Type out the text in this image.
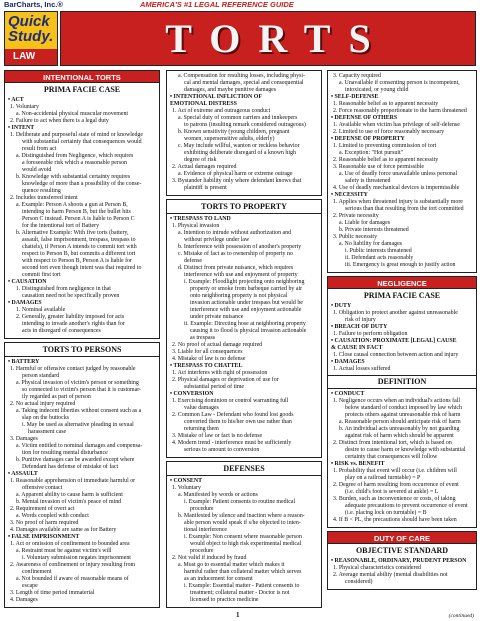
BarCharts, Inc.®	AMERICA'S #1 LEGAL REFERENCE GUIDE
Quick
Study.
LAW	TORTS
INTENTIONAL TORTS
PRIMA FACIE CASE
• ACT
1. Voluntary
a. Non-accidental physical muscular movement
2. Failure to act when there is a legal duty
• INTENT
1. Deliberate and purposeful state of mind or knowledge
with substantial certainty that consequences would
result from act
a. Distinguished from Negligence, which requires
a foreseeable risk which a reasonable person
would avoid
b. Knowledge with substantial certainty requires
knowledge of more than a possibility of the conse-
quence resulting
2. Includes transferred intent
a. Example: Person A shoots a gun at Person B,
intending to harm Person B, but the bullet hits
Person C instead. Person A is liable to Person C
for the intentional tort of Battery
b. Alternative Example: With five torts (battery,
assault, false imprisonment, trespass, trespass to
chattels), if Person A intends to commit tort with
respect to Person B, but commits a different tort
with respect to Person B, Person A is liable for
second tort even though intent was that required to
commit first tort
• CAUSATION
1. Distinguished from negligence in that
causation need not be specifically proven
• DAMAGES
1. Nominal available
2. Generally, greater liability imposed for acts
intending to invade another's rights than for
acts in disregard of consequences
TORTS TO PERSONS
• BATTERY
1. Harmful or offensive contact judged by reasonable
person standard
a. Physical invasion of victim's person or something
so connected to victim's person that it is customar-
ily regarded as part of person
2. No actual injury required
a. Taking indecent liberties without consent such as a
slap on the buttocks
i. May be used as alternative pleading in sexual
harassment case
3. Damages
a. Victim entitled to nominal damages and compensa-
tion for resulting mental disturbance
b. Punitive damages can be awarded except where
Defendant has defense of mistake of fact
• ASSAULT
1. Reasonable apprehension of immediate harmful or
offensive contact
a. Apparent ability to cause harm is sufficient
b. Mental invasion of victim's peace of mind
2. Requirement of overt act
a. Words coupled with conduct
3. No proof of harm required
4. Damages available are same as for Battery
• FALSE IMPRISONMENT
1. Act or omission of confinement to bounded area
a. Restraint must be against victim's will
i. Voluntary submission negates imprisonment
2. Awareness of confinement or injury resulting from
confinement
a. Not bounded if aware of reasonable means of
escape
3. Length of time period immaterial
4. Damages
a. Compensation for resulting losses, including physi-
cal and mental damages, special and consequential
damages, and maybe punitive damages
• INTENTIONAL INFLICTION OF
EMOTIONAL DISTRESS
1. Act of extreme and outrageous conduct
a. Special duty of common carriers and innkeepers
to patrons (insulting remark considered outrageous)
b. Known sensitivity (young children, pregnant
women, supersensitive adults, elderly)
c. May include willful, wanton or reckless behavior
exhibiting deliberate disregard of a known high
degree of risk
2. Actual damages required
a. Evidence of physical harm or extreme outrage
3. Bystander liability only where defendant knows that
plaintiff is present
TORTS TO PROPERTY
• TRESPASS TO LAND
1. Physical invasion
a. Intention to intrude without authorization and
without privilege under law
b. Interference with possession of another's property
c. Mistake of fact as to ownership of property no
defense
d. Distinct from private nuisance, which requires
interference with use and enjoyment of property
i. Example: Floodlight projecting onto neighboring
property or smoke from barbeque carried by air
onto neighboring property is not physical
invasion actionable under trespass but would be
interference with use and enjoyment actionable
under private nuisance
ii. Example: Directing hose at neighboring property
causing it to flood is physical invasion actionable
as trespass
2. No proof of actual damage required
3. Liable for all consequences
4. Mistake of law is no defense
• TRESPASS TO CHATTEL
1. Act interferes with right of possession
2. Physical damages or deprivation of use for
substantial period of time
• CONVERSION
1. Exercising dominion or control warranting full
value damages
2. Common Law - Defendant who found lost goods
converted them to his/her own use rather than
returning them
3. Mistake of law or fact is no defense
4. Modern trend - interference must be sufficiently
serious to amount to conversion
DEFENSES
• CONSENT
1. Voluntary
a. Manifested by words or actions
i. Example: Patient consents to routine medical
procedure
b. Manifested by silence and inaction where a reason-
able person would speak if s/he objected to inten-
tional interference
i. Example: Non consent where reasonable person
would object to high risk experimental medical
procedure
2. Not valid if induced by fraud
a. Must go to essential matter which makes it
harmful rather than collateral matter which serves
as an inducement for consent
i. Example: Essential matter - Patient consents to
treatment; collateral matter - Doctor is not
licensed to practice medicine
3. Capacity required
a. Unavailable if consenting person is incompetent,
intoxicated, or young child
• SELF-DEFENSE
1. Reasonable belief as to apparent necessity
2. Force reasonably proportionate to the harm threatened
• DEFENSE OF OTHERS
1. Available when victim has privilege of self-defense
2. Limited to use of force reasonably necessary
• DEFENSE OF PROPERTY
1. Limited to preventing commission of tort
a. Exception: "Hot pursuit"
2. Reasonable belief as to apparent necessity
3. Reasonable use of force permissible
a. Use of deadly force unavailable unless personal
safety is threatened
4. Use of deadly mechanical devices is impermissible
• NECESSITY
1. Applies when threatened injury is substantially more
serious than that resulting from the tort committed
2. Private necessity
a. Liable for damages
b. Private interests threatened
3. Public necessity
a. No liability for damages
i. Public interests threatened
ii. Defendant acts reasonably
iii. Emergency is great enough to justify action
NEGLIGENCE
PRIMA FACIE CASE
• DUTY
1. Obligation to protect another against unreasonable
risk of injury
• BREACH OF DUTY
1. Failure to perform obligation
• CAUSATION: PROXIMATE [LEGAL] CAUSE
& CAUSE IN FACT
1. Close causal connection between action and injury
• DAMAGES
1. Actual losses suffered
DEFINITION
• CONDUCT
1. Negligence occurs when an individual's actions fall
below standard of conduct imposed by law which
protects others against unreasonable risk of harm
a. Reasonable person should anticipate risk of harm
b. An individual acts unreasonably by not guarding
against risk of harm which should be apparent
2. Distinct from intentional tort, which is based on
desire to cause harm or knowledge with substantial
certainty that consequences will follow
• RISK vs. BENEFIT
1. Probability that event will occur (i.e. children will
play on a railroad turntable) = P
2. Degree of harm resulting from occurrence of event
(i.e. child's foot is severed at ankle) = L
3. Burden, such as inconvenience or costs, of taking
adequate precautions to prevent occurrence of event
(i.e. placing lock on turntable) = B
4. If B < PL, the precautions should have been taken
DUTY OF CARE
OBJECTIVE STANDARD
• REASONABLE, ORDINARY, PRUDENT PERSON
1. Physical characteristics considered
2. Average mental ability (mental disabilities not
considered)
1	(continued)
